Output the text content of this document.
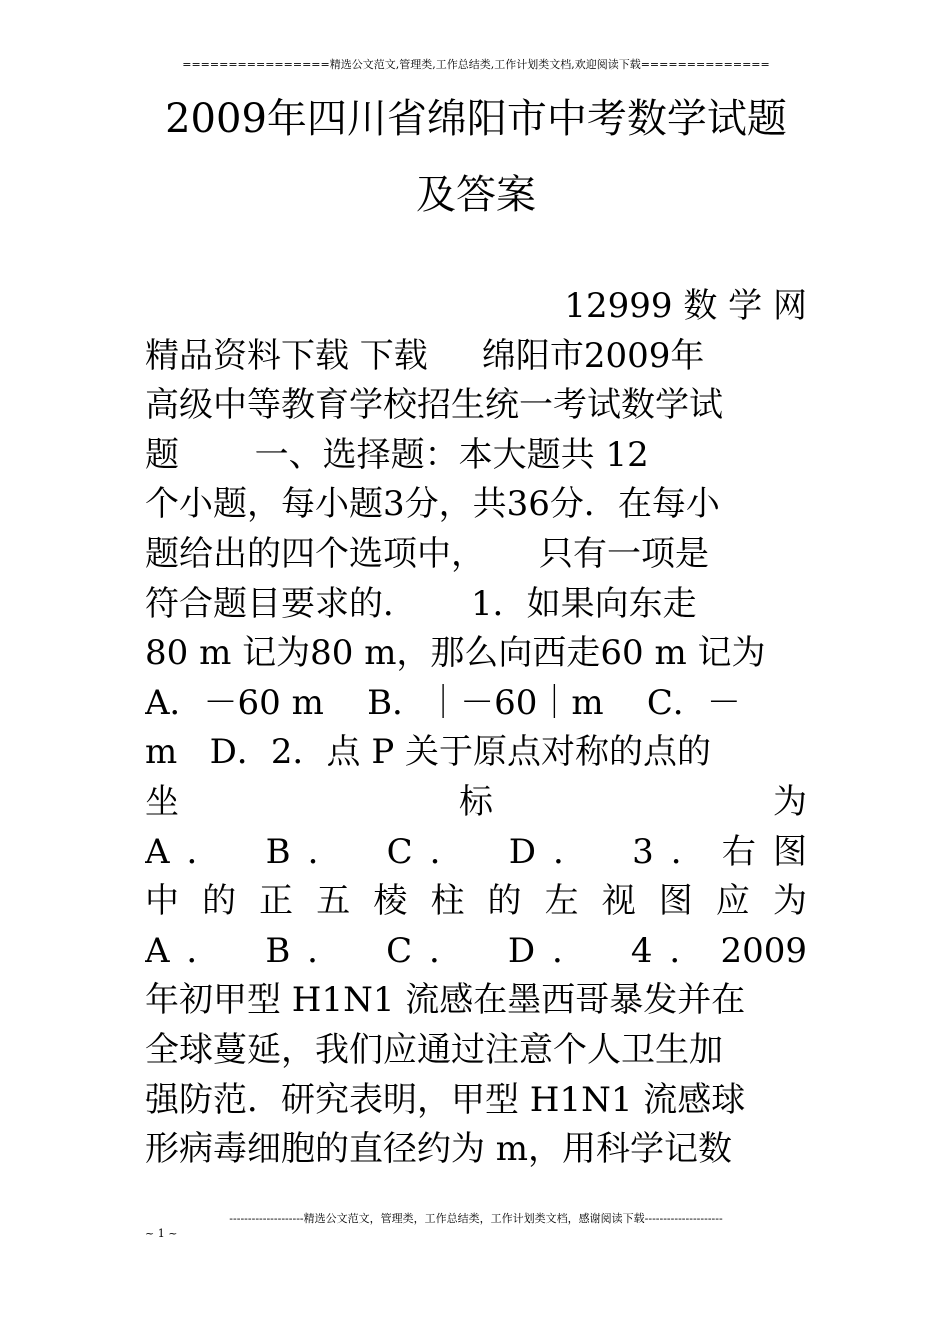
================精选公文范文,管理类,工作总结类,工作计划类文档,欢迎阅读下载==============
2009年四川省绵阳市中考数学试题
及答案
12999 数 学 网
精品资料下载 下载     绵阳市2009年
高级中等教育学校招生统一考试数学试
题       一、选择题：本大题共 12
个小题，每小题3分，共36分．在每小
题给出的四个选项中，     只有一项是
符合题目要求的．     1．如果向东走
80 m 记为80 m，那么向西走60 m 记为
A．－60 m    B．｜－60｜m    C．－
m   D．2．点 P 关于原点对称的点的
坐 标 为
A． B． C． D． 3．右图
中 的 正 五 棱 柱 的 左 视 图 应 为
A． B． C． D． 4．2009
年初甲型 H1N1 流感在墨西哥暴发并在
全球蔓延，我们应通过注意个人卫生加
强防范．研究表明，甲型 H1N1 流感球
形病毒细胞的直径约为 m，用科学记数
--------------------精选公文范文，管理类，工作总结类，工作计划类文档，感谢阅读下载---------------------
~ 1 ~
